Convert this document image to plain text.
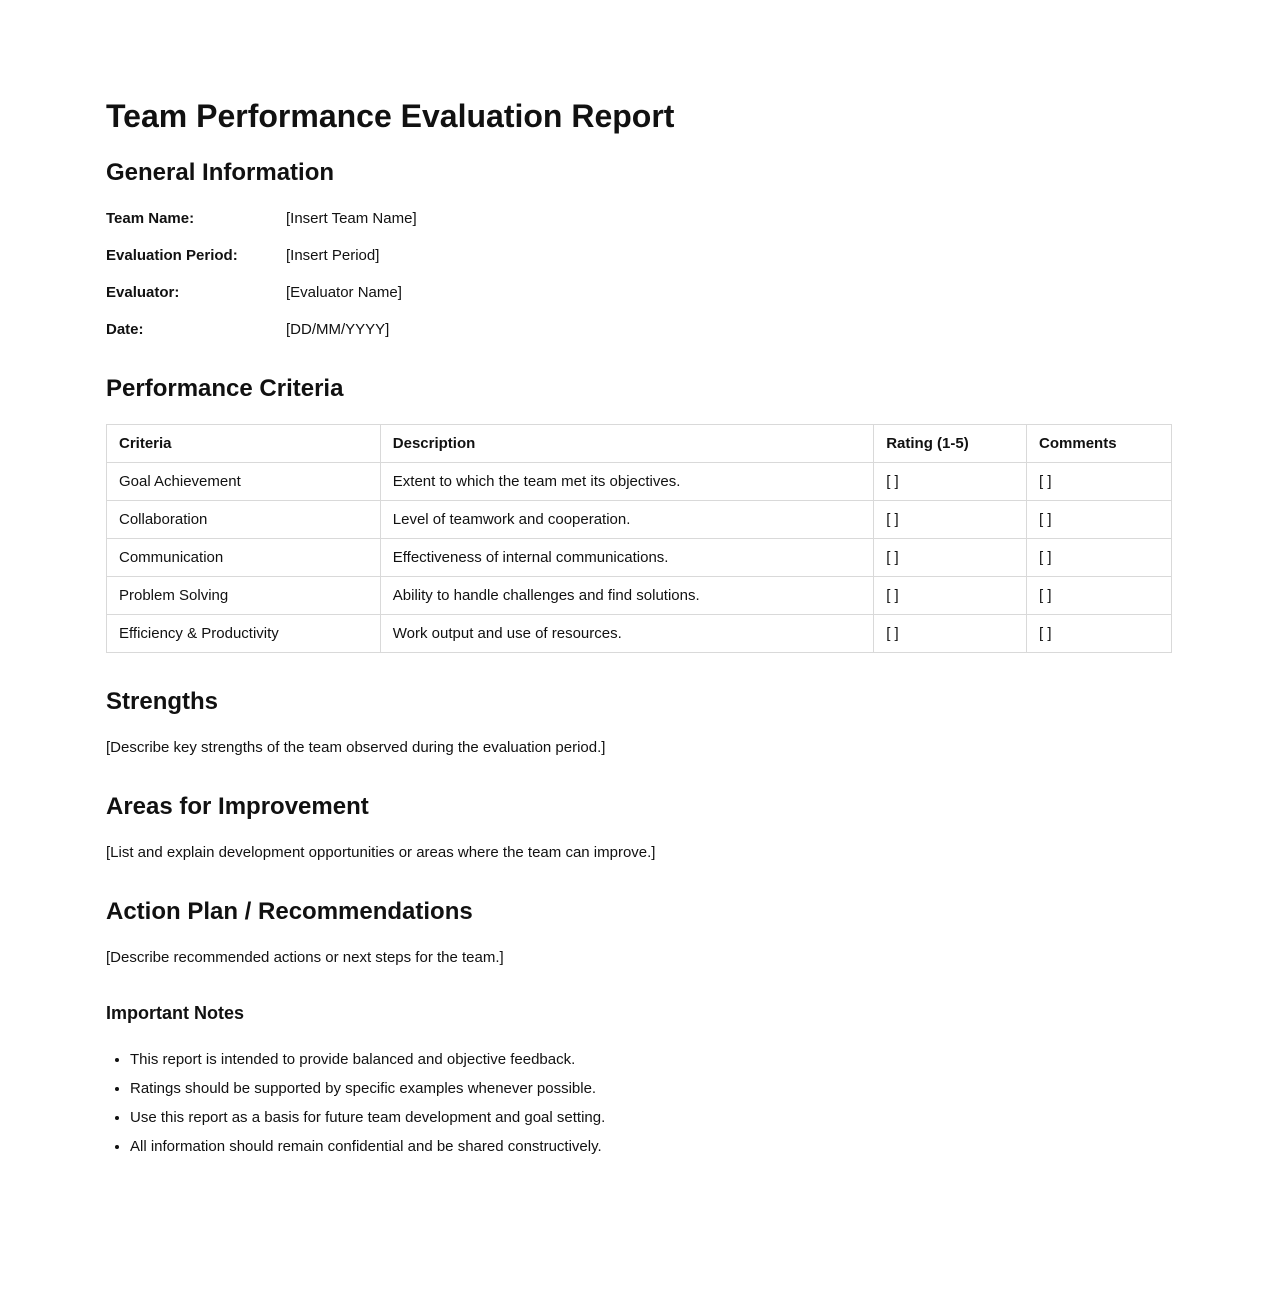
Team Performance Evaluation Report
General Information
Team Name:	[Insert Team Name]
Evaluation Period:	[Insert Period]
Evaluator:	[Evaluator Name]
Date:	[DD/MM/YYYY]
Performance Criteria
Criteria	Description	Rating (1-5)	Comments
Goal Achievement	Extent to which the team met its objectives.	[ ]	[ ]
Collaboration	Level of teamwork and cooperation.	[ ]	[ ]
Communication	Effectiveness of internal communications.	[ ]	[ ]
Problem Solving	Ability to handle challenges and find solutions.	[ ]	[ ]
Efficiency & Productivity	Work output and use of resources.	[ ]	[ ]
Strengths

[Describe key strengths of the team observed during the evaluation period.]

Areas for Improvement

[List and explain development opportunities or areas where the team can improve.]

Action Plan / Recommendations

[Describe recommended actions or next steps for the team.]

Important Notes
• This report is intended to provide balanced and objective feedback.
• Ratings should be supported by specific examples whenever possible.
• Use this report as a basis for future team development and goal setting.
• All information should remain confidential and be shared constructively.
